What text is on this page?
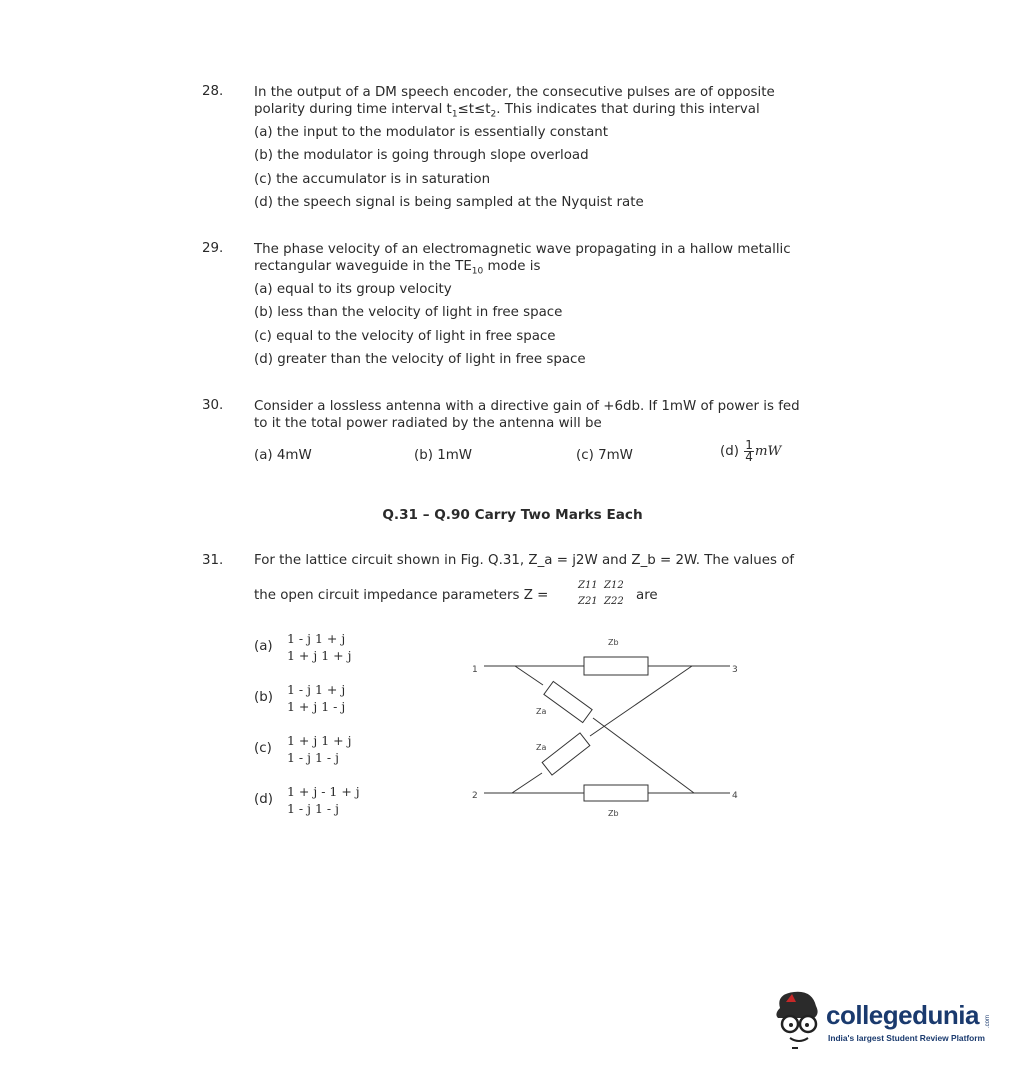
28. In the output of a DM speech encoder, the consecutive pulses are of opposite
polarity during time interval $t_1\le t\le t_2$. This indicates that during this interval
(a) the input to the modulator is essentially constant
(b) the modulator is going through slope overload
(c) the accumulator is in saturation
(d) the speech signal is being sampled at the Nyquist rate
29. The phase velocity of an electromagnetic wave propagating in a hallow metallic
rectangular waveguide in the $TE_{10}$ mode is
(a) equal to its group velocity
(b) less than the velocity of light in free space
(c) equal to the velocity of light in free space
(d) greater than the velocity of light in free space
30. Consider a lossless antenna with a directive gain of +6db. If 1mW of power is fed
to it the total power radiated by the antenna will be
(a) 4mW	(b) 1mW	(c) 7mW	$(d) \frac{1}{4}$ mW
Q.31 – Q.90 Carry Two Marks Each
31. For the lattice circuit shown in Fig. Q.31, Z_a = j2W and Z_b = 2W. The values of
the open circuit impedance parameters Z =
Z11 Z12
Z21 Z22 are
(a)
1 - j 1 + j
1 + j 1 + j
(b)
1 - j 1 + j
1 + j 1 - j
(c)
1 + j 1 + j
1 - j 1 - j
(d)
1 + j - 1 + j
1 - j 1 - j
1
2
3
4
Zb
Zb
Za
Za
collegedunia
India's largest Student Review Platform
.com
